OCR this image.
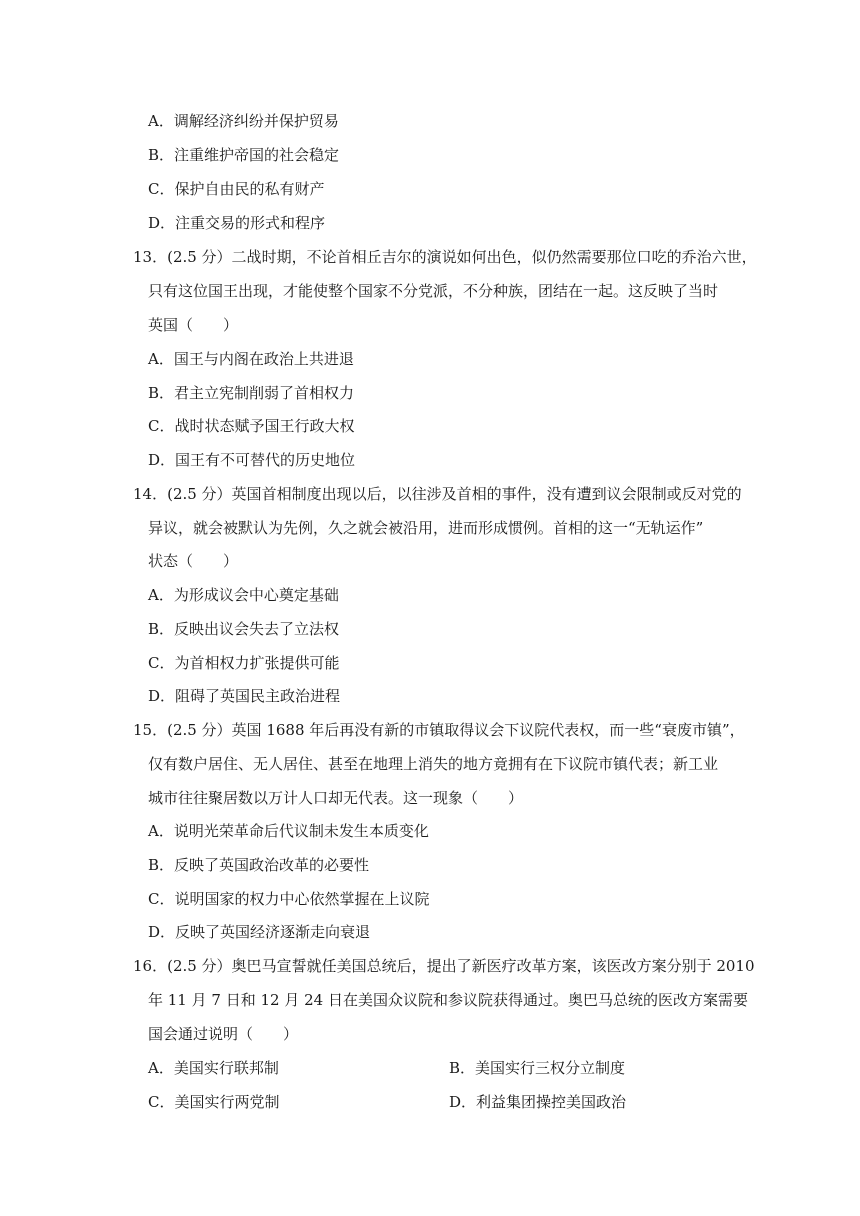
A．调解经济纠纷并保护贸易
B．注重维护帝国的社会稳定
C．保护自由民的私有财产
D．注重交易的形式和程序
13．(2.5 分）二战时期，不论首相丘吉尔的演说如何出色，似仍然需要那位口吃的乔治六世，
只有这位国王出现，才能使整个国家不分党派，不分种族，团结在一起。这反映了当时
英国（　　）
A．国王与内阁在政治上共进退
B．君主立宪制削弱了首相权力
C．战时状态赋予国王行政大权
D．国王有不可替代的历史地位
14．(2.5 分）英国首相制度出现以后，以往涉及首相的事件，没有遭到议会限制或反对党的
异议，就会被默认为先例，久之就会被沿用，进而形成惯例。首相的这一“无轨运作”
状态（　　）
A．为形成议会中心奠定基础
B．反映出议会失去了立法权
C．为首相权力扩张提供可能
D．阻碍了英国民主政治进程
15．(2.5 分）英国 1688 年后再没有新的市镇取得议会下议院代表权，而一些“衰废市镇”，
仅有数户居住、无人居住、甚至在地理上消失的地方竟拥有在下议院市镇代表；新工业
城市往往聚居数以万计人口却无代表。这一现象（　　）
A．说明光荣革命后代议制未发生本质变化
B．反映了英国政治改革的必要性
C．说明国家的权力中心依然掌握在上议院
D．反映了英国经济逐渐走向衰退
16．(2.5 分）奥巴马宣誓就任美国总统后，提出了新医疗改革方案，该医改方案分别于 2010
年 11 月 7 日和 12 月 24 日在美国众议院和参议院获得通过。奥巴马总统的医改方案需要
国会通过说明（　　）
A．美国实行联邦制	B．美国实行三权分立制度
C．美国实行两党制	D．利益集团操控美国政治
